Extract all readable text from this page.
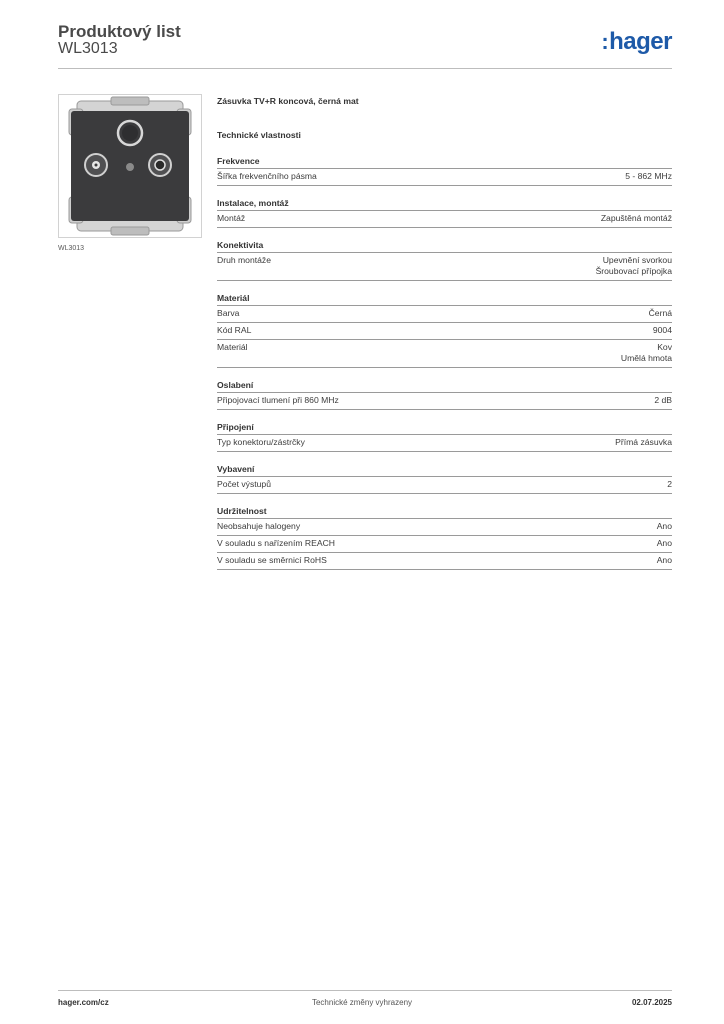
Produktový list
WL3013	:hager
WL3013
Zásuvka TV+R koncová, černá mat
Technické vlastnosti
Frekvence
Šířka frekvenčního pásma	5 - 862 MHz
Instalace, montáž
Montáž	Zapuštěná montáž
Konektivita
Druh montáže	Upevnění svorkou
Šroubovací přípojka
Materiál
Barva	Černá
Kód RAL	9004
Materiál	Kov
Umělá hmota
Oslabení
Připojovací tlumení při 860 MHz	2 dB
Připojení
Typ konektoru/zástrčky	Přímá zásuvka
Vybavení
Počet výstupů	2
Udržitelnost
Neobsahuje halogeny	Ano
V souladu s nařízením REACH	Ano
V souladu se směrnicí RoHS	Ano
hager.com/cz	Technické změny vyhrazeny	02.07.2025
